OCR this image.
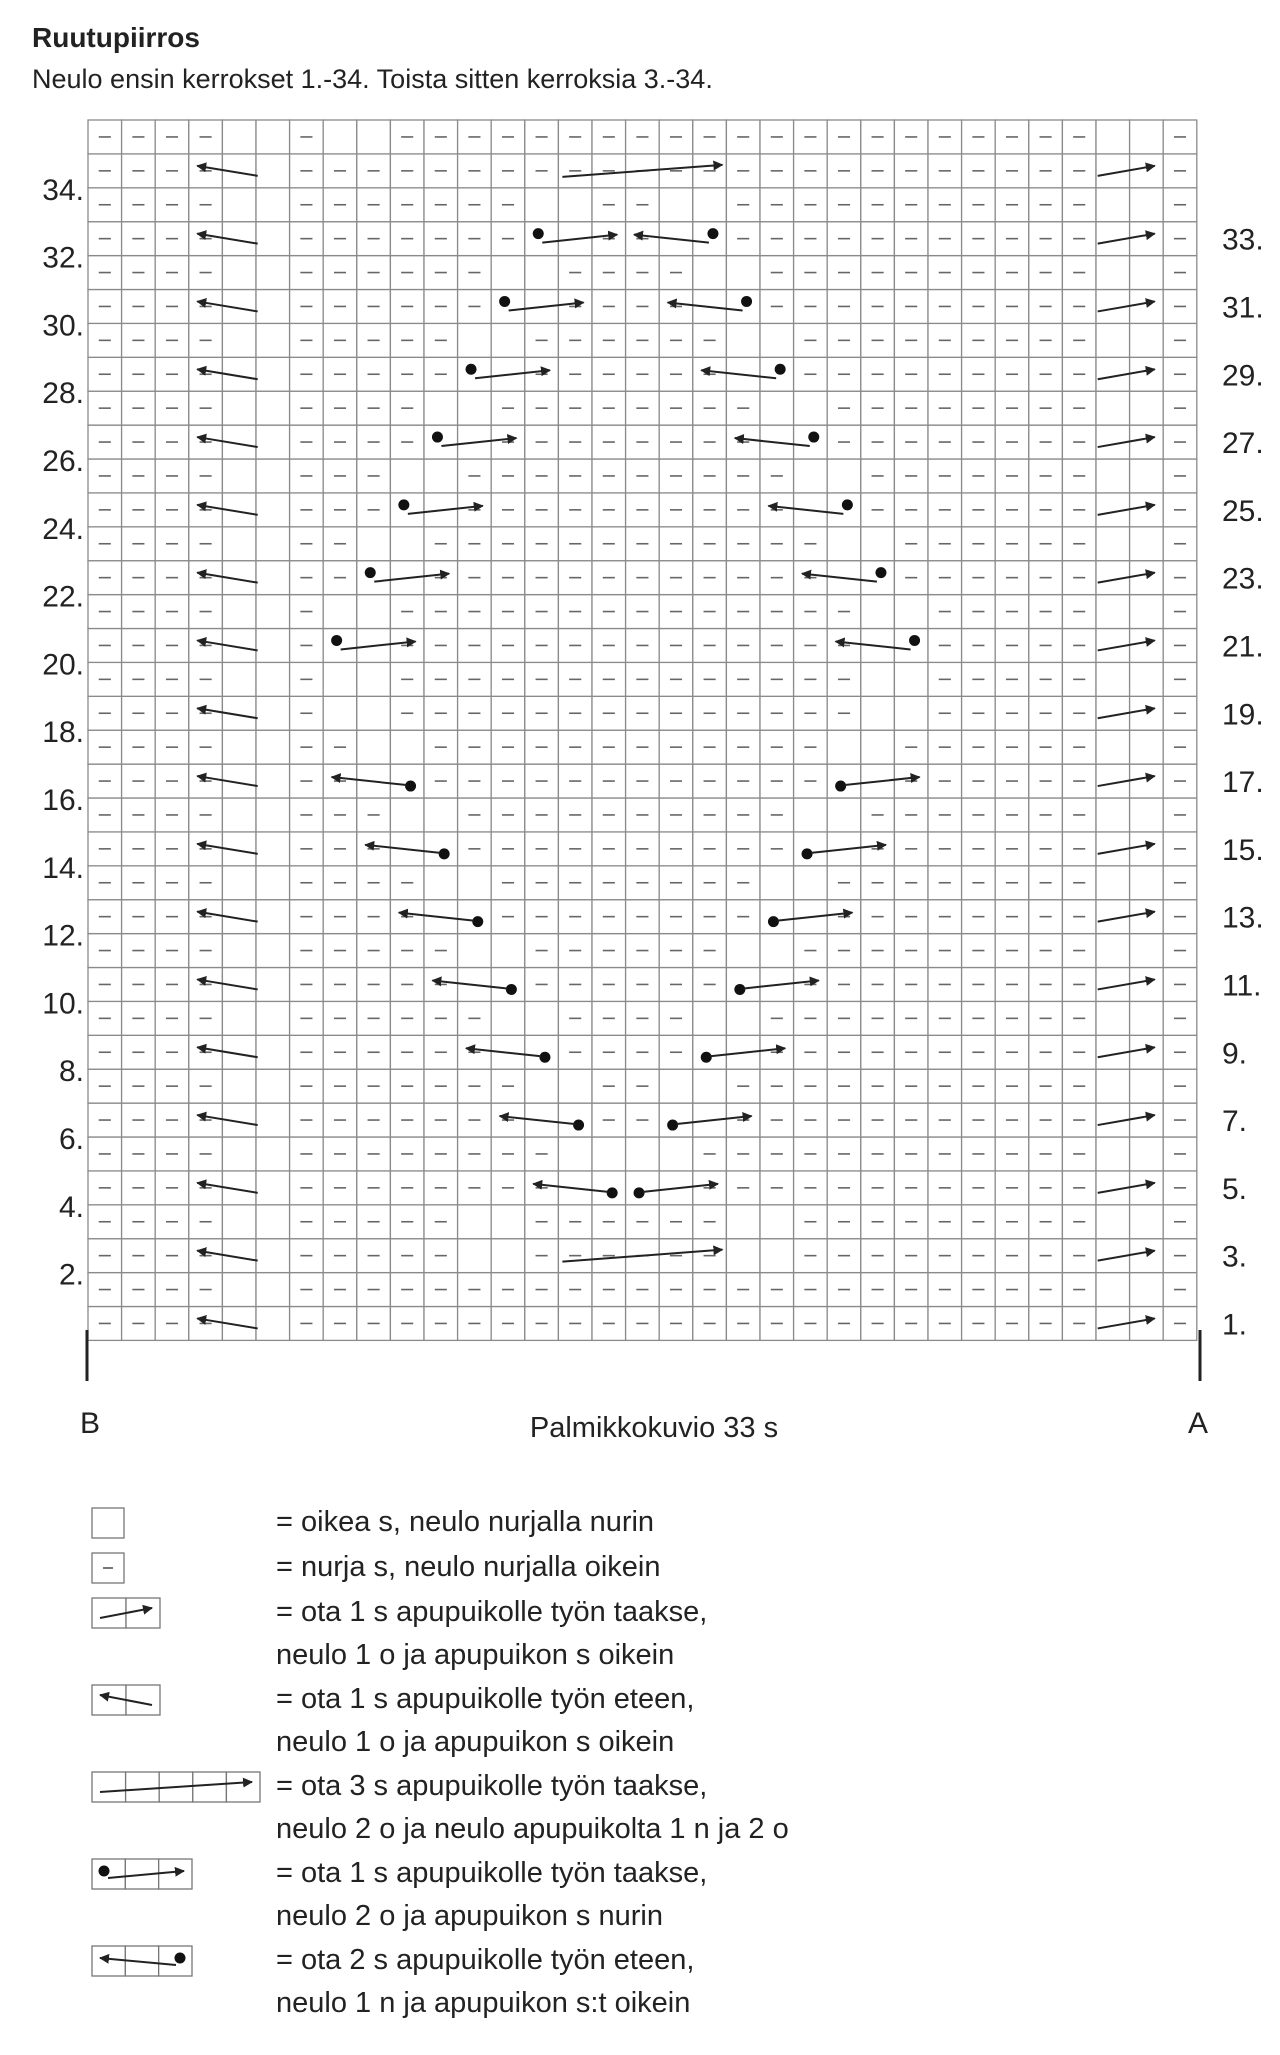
Ruutupiirros
Neulo ensin kerrokset 1.-34. Toista sitten kerroksia 3.-34.
1.
3.
5.
7.
9.
11.
13.
15.
17.
19.
21.
23.
25.
27.
29.
31.
33.
2.
4.
6.
8.
10.
12.
14.
16.
18.
20.
22.
24.
26.
28.
30.
32.
34.
B	A
Palmikkokuvio 33 s
= oikea s, neulo nurjalla nurin
= nurja s, neulo nurjalla oikein
= ota 1 s apupuikolle työn taakse,
neulo 1 o ja apupuikon s oikein
= ota 1 s apupuikolle työn eteen,
neulo 1 o ja apupuikon s oikein
= ota 3 s apupuikolle työn taakse,
neulo 2 o ja neulo apupuikolta 1 n ja 2 o
= ota 1 s apupuikolle työn taakse,
neulo 2 o ja apupuikon s nurin
= ota 2 s apupuikolle työn eteen,
neulo 1 n ja apupuikon s:t oikein
